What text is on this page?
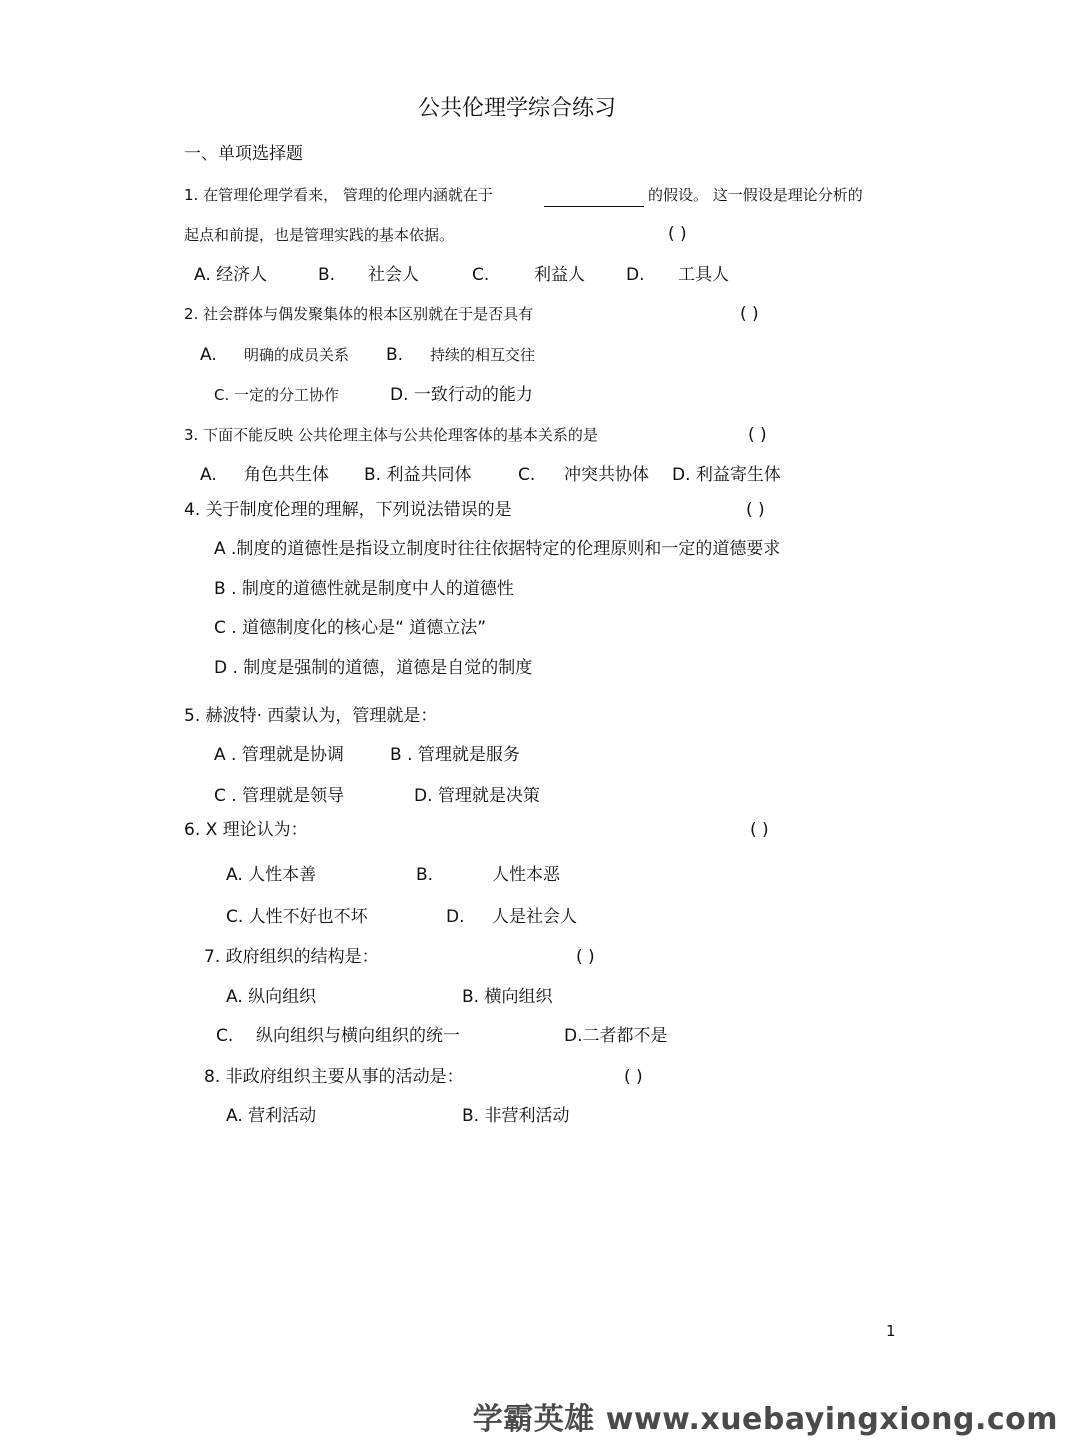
公共伦理学综合练习
一、单项选择题
1. 在管理伦理学看来， 管理的伦理内涵就在于	的假设。 这一假设是理论分析的
起点和前提，也是管理实践的基本依据。	( )
A. 经济人	B. 社会人	C.	利益人 D. 工具人
2. 社会群体与偶发聚集体的根本区别就在于是否具有	( )
A. 明确的成员关系 B. 持续的相互交往
C. 一定的分工协作	D. 一致行动的能力
3. 下面不能反映 公共伦理主体与公共伦理客体的基本关系的是	( )
A. 角色共生体 B. 利益共同体	C. 冲突共协体 D. 利益寄生体
4. 关于制度伦理的理解，下列说法错误的是	( )
A .制度的道德性是指设立制度时往往依据特定的伦理原则和一定的道德要求
B . 制度的道德性就是制度中人的道德性
C . 道德制度化的核心是“ 道德立法”
D . 制度是强制的道德，道德是自觉的制度
5. 赫波特· 西蒙认为，管理就是：
A . 管理就是协调	B . 管理就是服务
C . 管理就是领导	D. 管理就是决策
6. X 理论认为：	( )
A. 人性本善	B.	人性本恶
C. 人性不好也不坏	D. 人是社会人
7. 政府组织的结构是：	( )
A. 纵向组织	B. 横向组织
C. 纵向组织与横向组织的统一	D.二者都不是
8. 非政府组织主要从事的活动是：	( )
A. 营利活动	B. 非营利活动
1
学霸英雄 www.xuebayingxiong.com
